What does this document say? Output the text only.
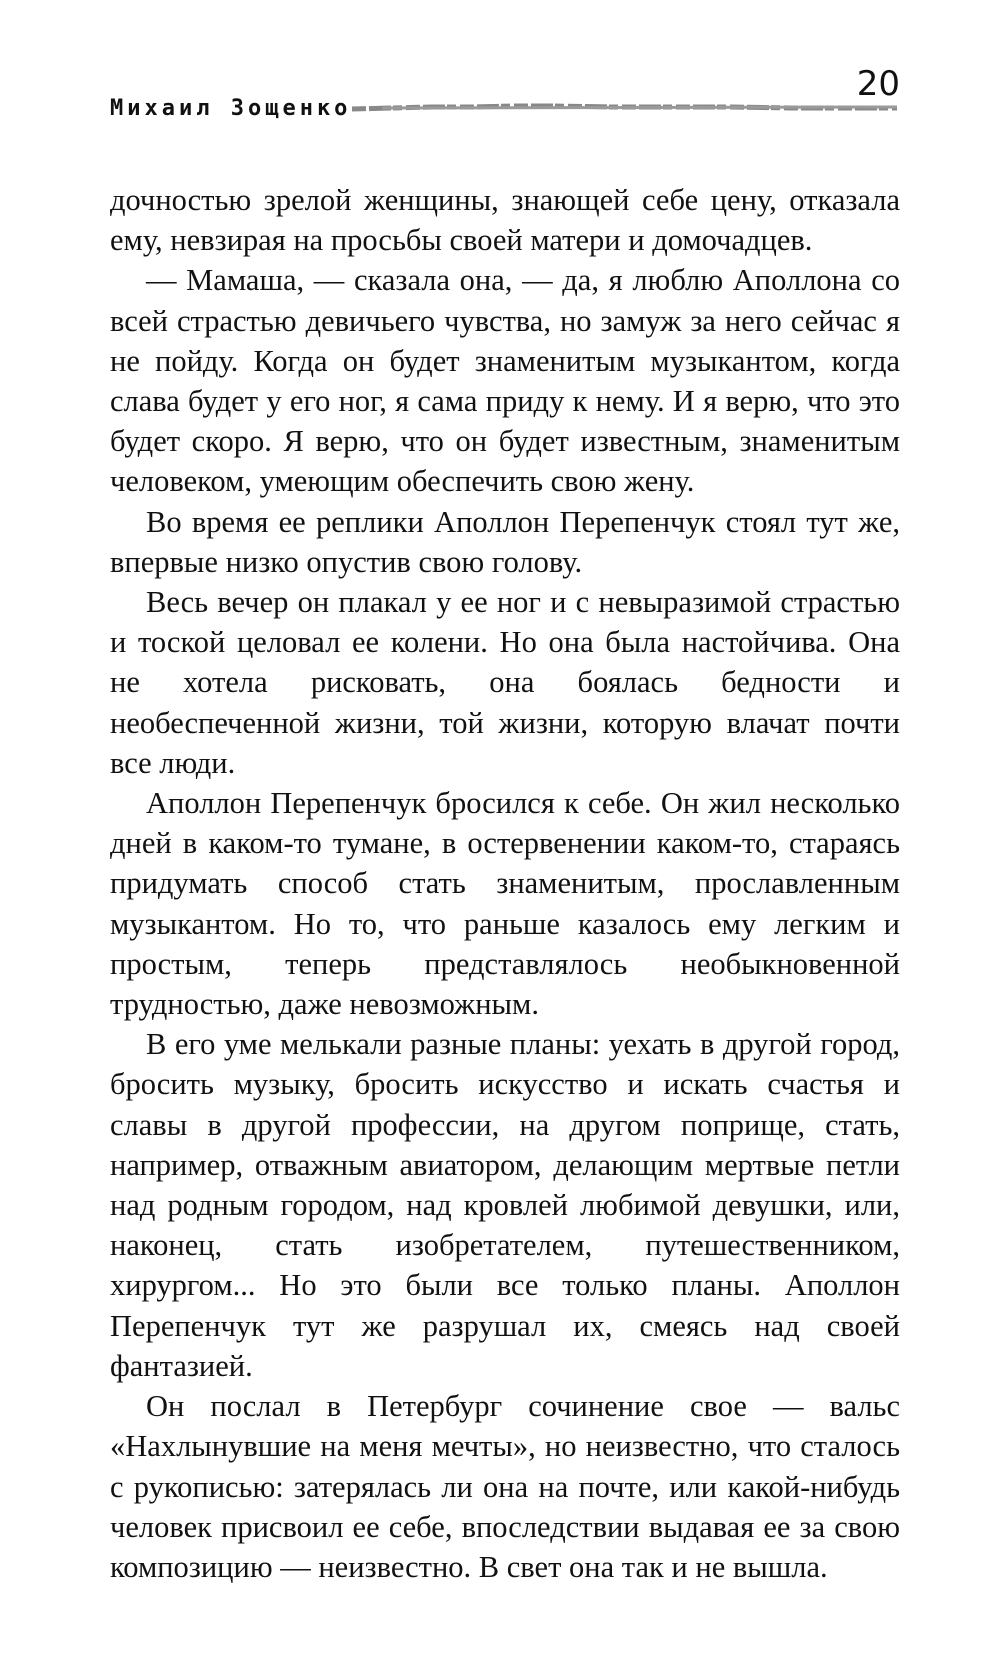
Михаил Зощенко
20

дочностью зрелой женщины, знающей себе цену, отказала ему, невзирая на просьбы своей матери и домочадцев.

— Мамаша, — сказала она, — да, я люблю Аполлона со всей страстью девичьего чувства, но замуж за него сейчас я не пойду. Когда он будет знаменитым музыкантом, когда слава будет у его ног, я сама приду к нему. И я верю, что это будет скоро. Я верю, что он будет известным, знаменитым человеком, умеющим обеспечить свою жену.

Во время ее реплики Аполлон Перепенчук стоял тут же, впервые низко опустив свою голову.

Весь вечер он плакал у ее ног и с невыразимой страстью и тоской целовал ее колени. Но она была настойчива. Она не хотела рисковать, она боялась бедности и необеспеченной жизни, той жизни, которую влачат почти все люди.

Аполлон Перепенчук бросился к себе. Он жил несколько дней в каком-то тумане, в остервенении каком-то, стараясь придумать способ стать знаменитым, прославленным музыкантом. Но то, что раньше казалось ему легким и простым, теперь представлялось необыкновенной трудностью, даже невозможным.

В его уме мелькали разные планы: уехать в другой город, бросить музыку, бросить искусство и искать счастья и славы в другой профессии, на другом поприще, стать, например, отважным авиатором, делающим мертвые петли над родным городом, над кровлей любимой девушки, или, наконец, стать изобретателем, путешественником, хирургом... Но это были все только планы. Аполлон Перепенчук тут же разрушал их, смеясь над своей фантазией.

Он послал в Петербург сочинение свое — вальс «Нахлынувшие на меня мечты», но неизвестно, что сталось с рукописью: затерялась ли она на почте, или какой-нибудь человек присвоил ее себе, впоследствии выдавая ее за свою композицию — неизвестно. В свет она так и не вышла.
